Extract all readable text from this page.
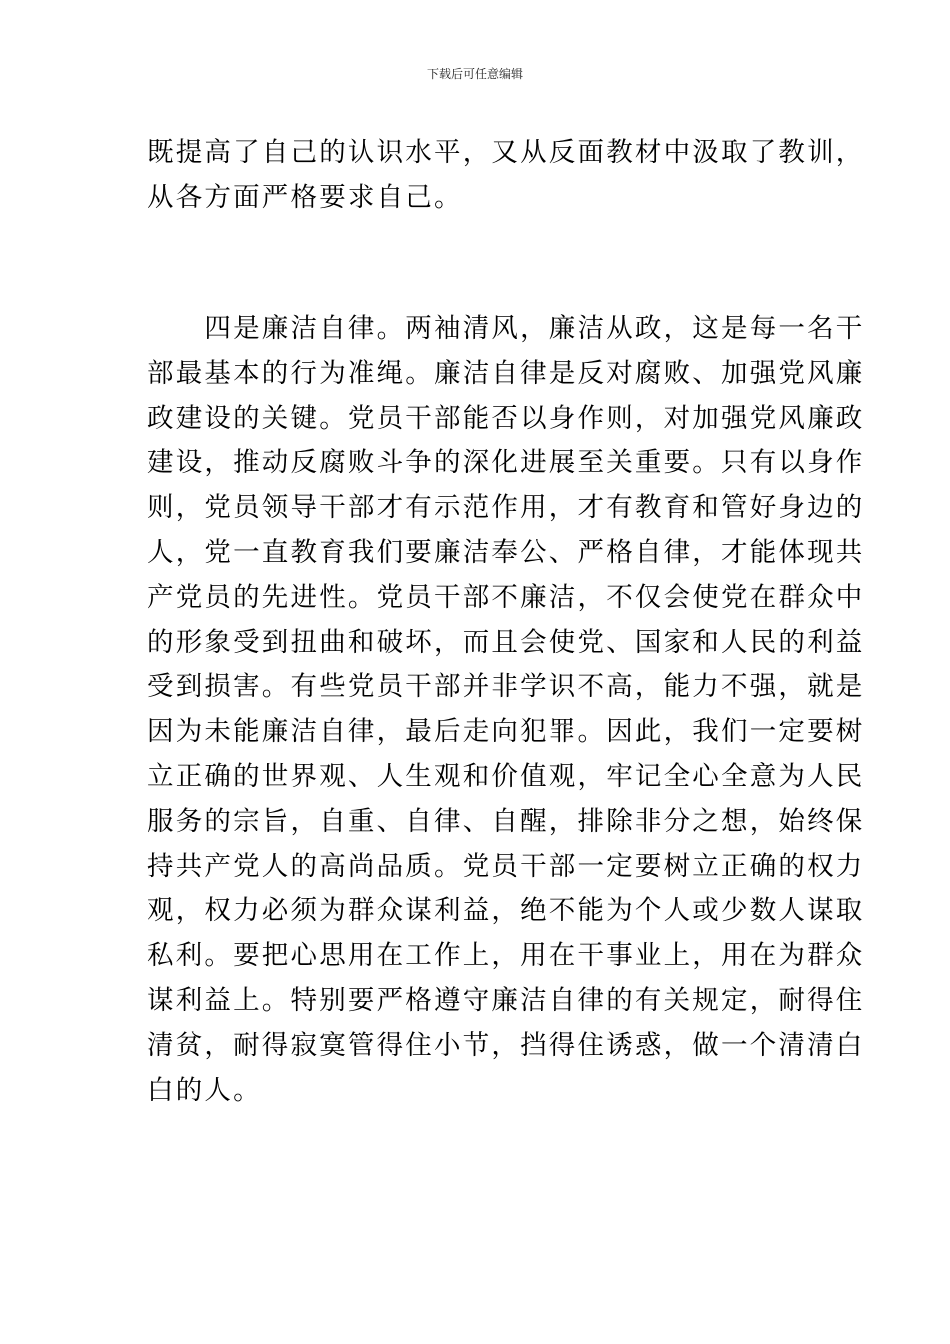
下载后可任意编辑
既提高了自己的认识水平，又从反面教材中汲取了教训，
从各方面严格要求自己。
　　四是廉洁自律。两袖清风，廉洁从政，这是每一名干
部最基本的行为准绳。廉洁自律是反对腐败、加强党风廉
政建设的关键。党员干部能否以身作则，对加强党风廉政
建设，推动反腐败斗争的深化进展至关重要。只有以身作
则，党员领导干部才有示范作用，才有教育和管好身边的
人，党一直教育我们要廉洁奉公、严格自律，才能体现共
产党员的先进性。党员干部不廉洁，不仅会使党在群众中
的形象受到扭曲和破坏，而且会使党、国家和人民的利益
受到损害。有些党员干部并非学识不高，能力不强，就是
因为未能廉洁自律，最后走向犯罪。因此，我们一定要树
立正确的世界观、人生观和价值观，牢记全心全意为人民
服务的宗旨，自重、自律、自醒，排除非分之想，始终保
持共产党人的高尚品质。党员干部一定要树立正确的权力
观，权力必须为群众谋利益，绝不能为个人或少数人谋取
私利。要把心思用在工作上，用在干事业上，用在为群众
谋利益上。特别要严格遵守廉洁自律的有关规定，耐得住
清贫，耐得寂寞管得住小节，挡得住诱惑，做一个清清白
白的人。
